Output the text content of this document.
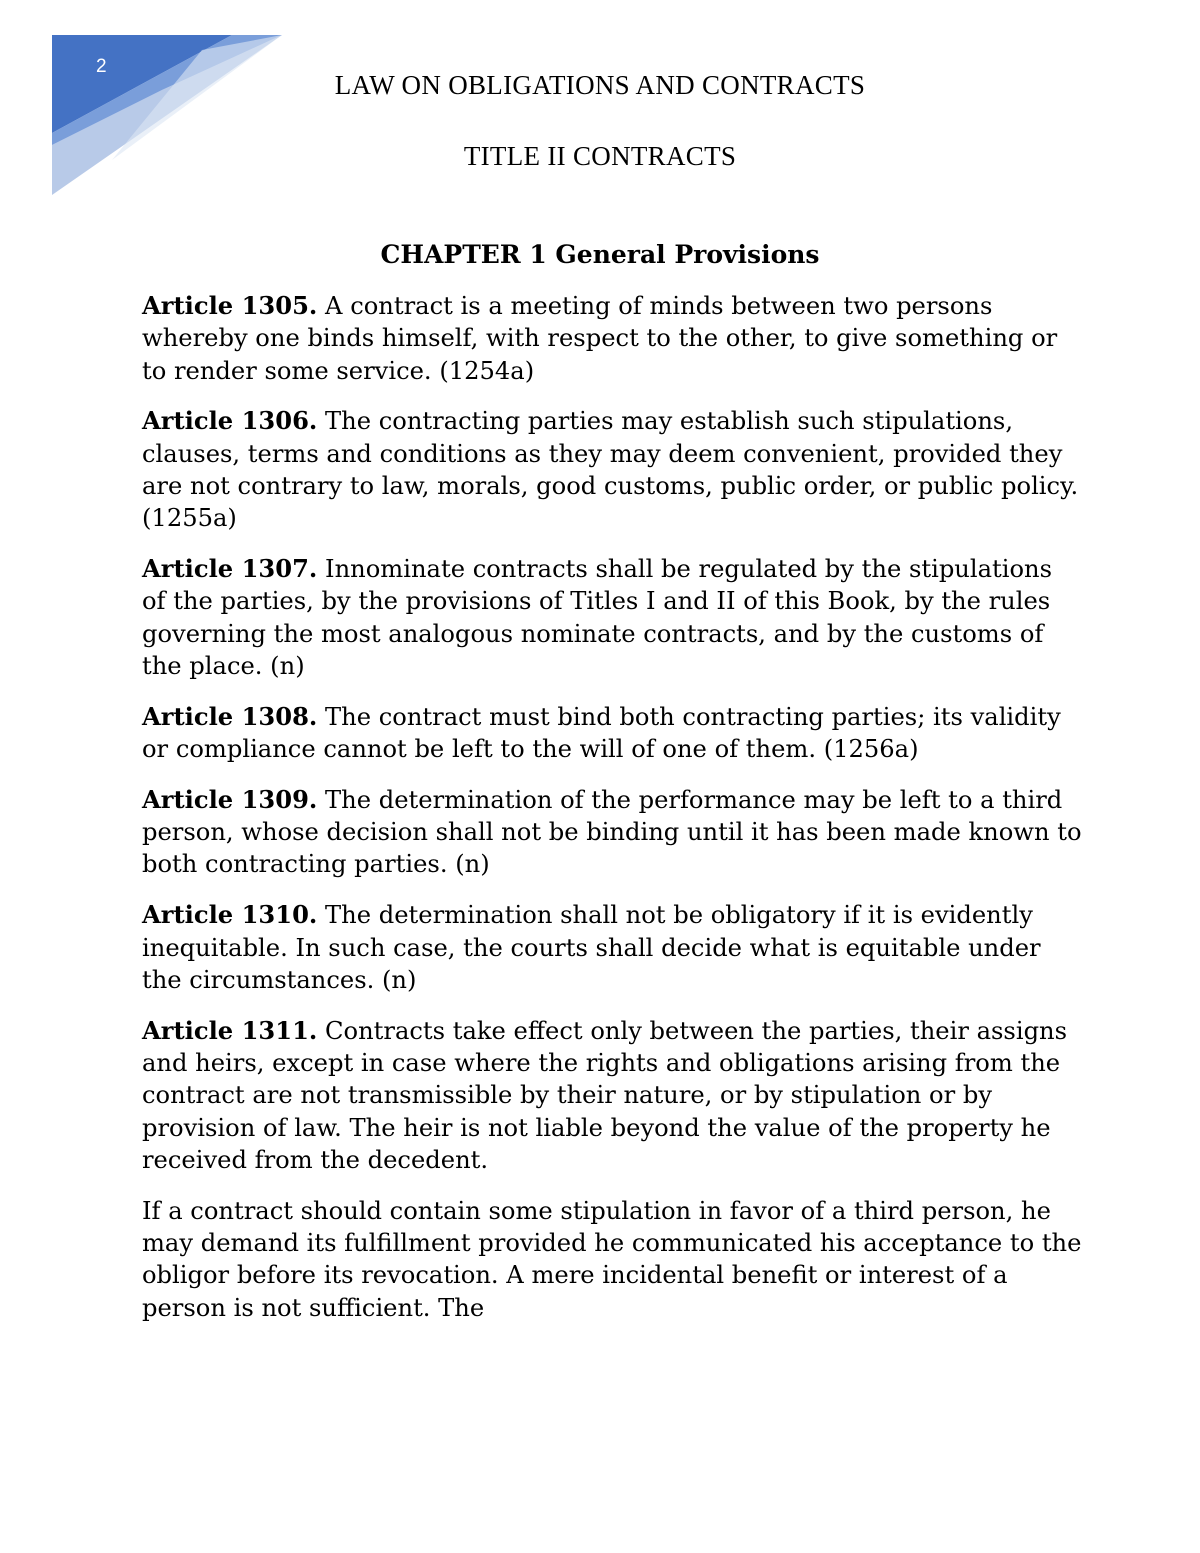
2
LAW ON OBLIGATIONS AND CONTRACTS
TITLE II CONTRACTS
CHAPTER 1 General Provisions

Article 1305. A contract is a meeting of minds between two persons whereby one binds himself, with respect to the other, to give something or to render some service. (1254a)

Article 1306. The contracting parties may establish such stipulations, clauses, terms and conditions as they may deem convenient, provided they are not contrary to law, morals, good customs, public order, or public policy. (1255a)

Article 1307. Innominate contracts shall be regulated by the stipulations of the parties, by the provisions of Titles I and II of this Book, by the rules governing the most analogous nominate contracts, and by the customs of the place. (n)

Article 1308. The contract must bind both contracting parties; its validity or compliance cannot be left to the will of one of them. (1256a)

Article 1309. The determination of the performance may be left to a third person, whose decision shall not be binding until it has been made known to both contracting parties. (n)

Article 1310. The determination shall not be obligatory if it is evidently inequitable. In such case, the courts shall decide what is equitable under the circumstances. (n)

Article 1311. Contracts take effect only between the parties, their assigns and heirs, except in case where the rights and obligations arising from the contract are not transmissible by their nature, or by stipulation or by provision of law. The heir is not liable beyond the value of the property he received from the decedent.

If a contract should contain some stipulation in favor of a third person, he may demand its fulfillment provided he communicated his acceptance to the obligor before its revocation. A mere incidental benefit or interest of a person is not sufficient. The
